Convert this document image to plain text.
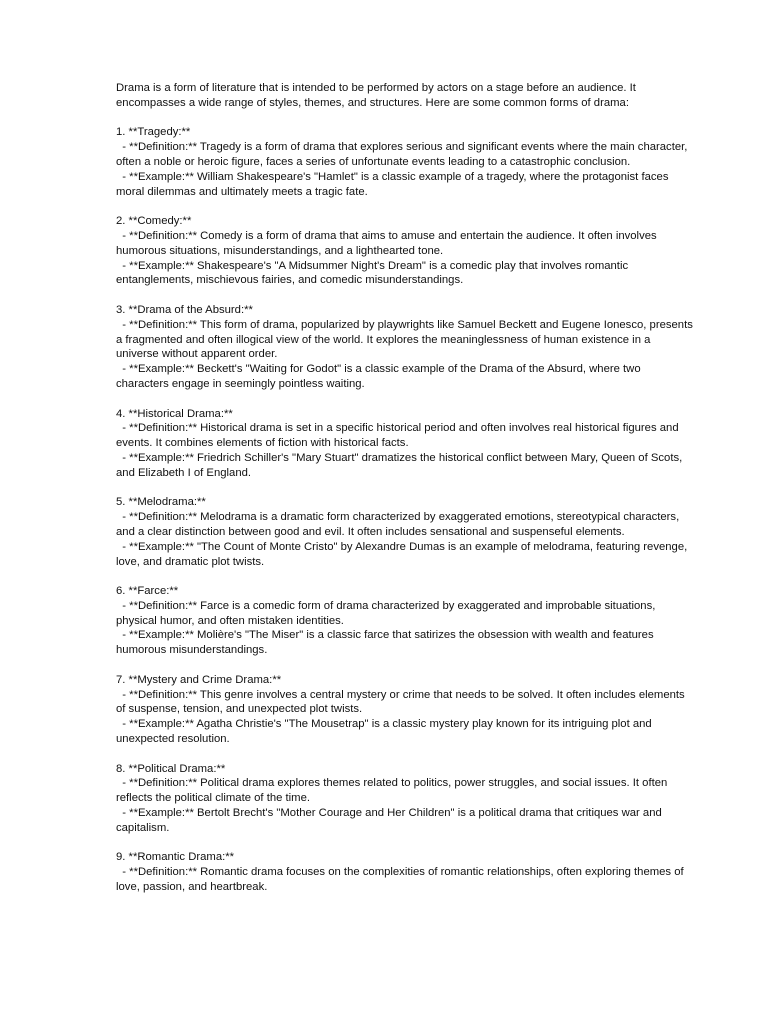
Drama is a form of literature that is intended to be performed by actors on a stage before an audience. It encompasses a wide range of styles, themes, and structures. Here are some common forms of drama:

1. **Tragedy:**
- **Definition:** Tragedy is a form of drama that explores serious and significant events where the main character, often a noble or heroic figure, faces a series of unfortunate events leading to a catastrophic conclusion.
- **Example:** William Shakespeare's "Hamlet" is a classic example of a tragedy, where the protagonist faces moral dilemmas and ultimately meets a tragic fate.
2. **Comedy:**
- **Definition:** Comedy is a form of drama that aims to amuse and entertain the audience. It often involves humorous situations, misunderstandings, and a lighthearted tone.
- **Example:** Shakespeare's "A Midsummer Night's Dream" is a comedic play that involves romantic entanglements, mischievous fairies, and comedic misunderstandings.
3. **Drama of the Absurd:**
- **Definition:** This form of drama, popularized by playwrights like Samuel Beckett and Eugene Ionesco, presents a fragmented and often illogical view of the world. It explores the meaninglessness of human existence in a universe without apparent order.
- **Example:** Beckett's "Waiting for Godot" is a classic example of the Drama of the Absurd, where two characters engage in seemingly pointless waiting.
4. **Historical Drama:**
- **Definition:** Historical drama is set in a specific historical period and often involves real historical figures and events. It combines elements of fiction with historical facts.
- **Example:** Friedrich Schiller's "Mary Stuart" dramatizes the historical conflict between Mary, Queen of Scots, and Elizabeth I of England.
5. **Melodrama:**
- **Definition:** Melodrama is a dramatic form characterized by exaggerated emotions, stereotypical characters, and a clear distinction between good and evil. It often includes sensational and suspenseful elements.
- **Example:** "The Count of Monte Cristo" by Alexandre Dumas is an example of melodrama, featuring revenge, love, and dramatic plot twists.
6. **Farce:**
- **Definition:** Farce is a comedic form of drama characterized by exaggerated and improbable situations, physical humor, and often mistaken identities.
- **Example:** Molière's "The Miser" is a classic farce that satirizes the obsession with wealth and features humorous misunderstandings.
7. **Mystery and Crime Drama:**
- **Definition:** This genre involves a central mystery or crime that needs to be solved. It often includes elements of suspense, tension, and unexpected plot twists.
- **Example:** Agatha Christie's "The Mousetrap" is a classic mystery play known for its intriguing plot and unexpected resolution.
8. **Political Drama:**
- **Definition:** Political drama explores themes related to politics, power struggles, and social issues. It often reflects the political climate of the time.
- **Example:** Bertolt Brecht's "Mother Courage and Her Children" is a political drama that critiques war and capitalism.
9. **Romantic Drama:**
- **Definition:** Romantic drama focuses on the complexities of romantic relationships, often exploring themes of love, passion, and heartbreak.
